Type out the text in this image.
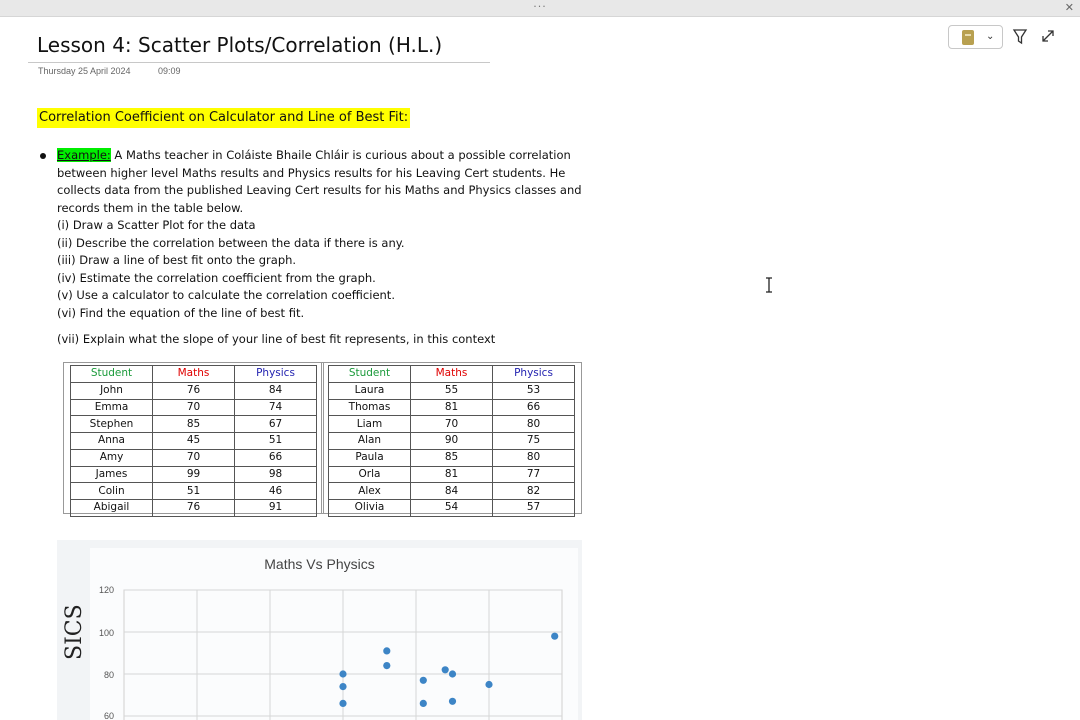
···	✕
⌄
Lesson 4: Scatter Plots/Correlation (H.L.)
Thursday 25 April 2024	09:09
Correlation Coefficient on Calculator and Line of Best Fit:
Example: A Maths teacher in Coláiste Bhaile Chláir is curious about a possible correlation
between higher level Maths results and Physics results for his Leaving Cert students. He
collects data from the published Leaving Cert results for his Maths and Physics classes and
records them in the table below.
(i) Draw a Scatter Plot for the data
(ii) Describe the correlation between the data if there is any.
(iii) Draw a line of best fit onto the graph.
(iv) Estimate the correlation coefficient from the graph.
(v) Use a calculator to calculate the correlation coefficient.
(vi) Find the equation of the line of best fit.
(vii) Explain what the slope of your line of best fit represents, in this context
Student	Maths	Physics
John	76	84
Emma	70	74
Stephen	85	67
Anna	45	51
Amy	70	66
James	99	98
Colin	51	46
Abigail	76	91
Student	Maths	Physics
Laura	55	53
Thomas	81	66
Liam	70	80
Alan	90	75
Paula	85	80
Orla	81	77
Alex	84	82
Olivia	54	57
Maths Vs Physics
120
100
80
60
SICS
